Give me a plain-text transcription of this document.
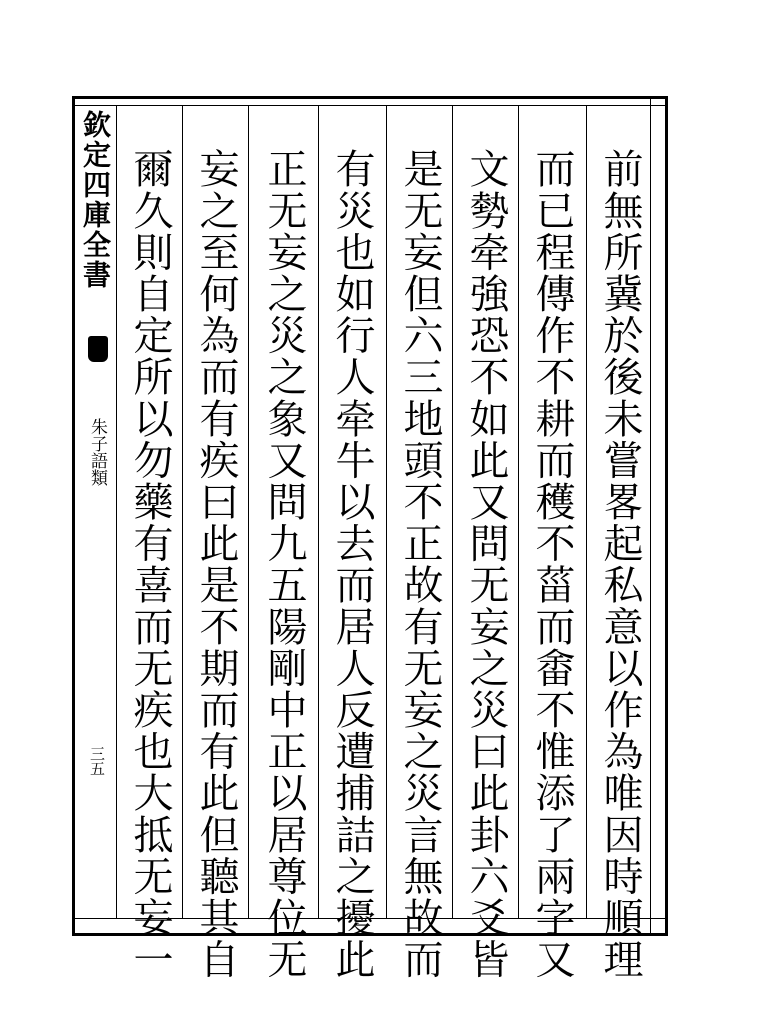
欽定四庫全書
朱子語類
三五	前無所冀於後未嘗畧起私意以作為唯因時順理
而已程傳作不耕而穫不菑而畬不惟添了兩字又
文勢牵強恐不如此又問无妄之災曰此卦六爻皆
是无妄但六三地頭不正故有无妄之災言無故而
有災也如行人牵牛以去而居人反遭捕詰之擾此
正无妄之災之象又問九五陽剛中正以居尊位无
妄之至何為而有疾曰此是不期而有此但聽其自
爾久則自定所以勿藥有喜而无疾也大抵无妄一
